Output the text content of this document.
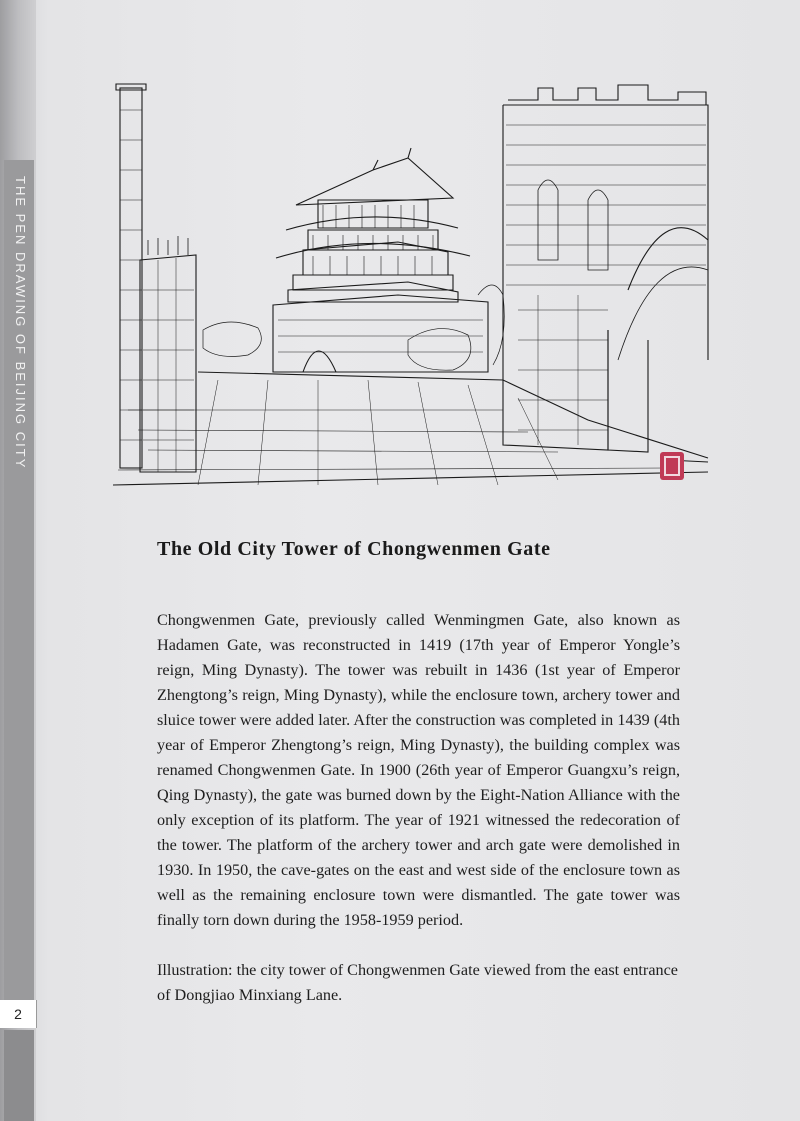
THE PEN DRAWING OF BEIJING CITY
2
The Old City Tower of Chongwenmen Gate

Chongwenmen Gate, previously called Wenmingmen Gate, also known as Hadamen Gate, was reconstructed in 1419 (17th year of Emperor Yongle’s reign, Ming Dynasty). The tower was rebuilt in 1436 (1st year of Emperor Zhengtong’s reign, Ming Dynasty), while the enclosure town, archery tower and sluice tower were added later. After the construction was completed in 1439 (4th year of Emperor Zhengtong’s reign, Ming Dynasty), the building complex was renamed Chongwenmen Gate. In 1900 (26th year of Emperor Guangxu’s reign, Qing Dynasty), the gate was burned down by the Eight-Nation Alliance with the only exception of its platform. The year of 1921 witnessed the redecoration of the tower. The platform of the archery tower and arch gate were demolished in 1930. In 1950, the cave-gates on the east and west side of the enclosure town as well as the remaining enclosure town were dismantled. The gate tower was finally torn down during the 1958-1959 period.

Illustration: the city tower of Chongwenmen Gate viewed from the east entrance of Dongjiao Minxiang Lane.
